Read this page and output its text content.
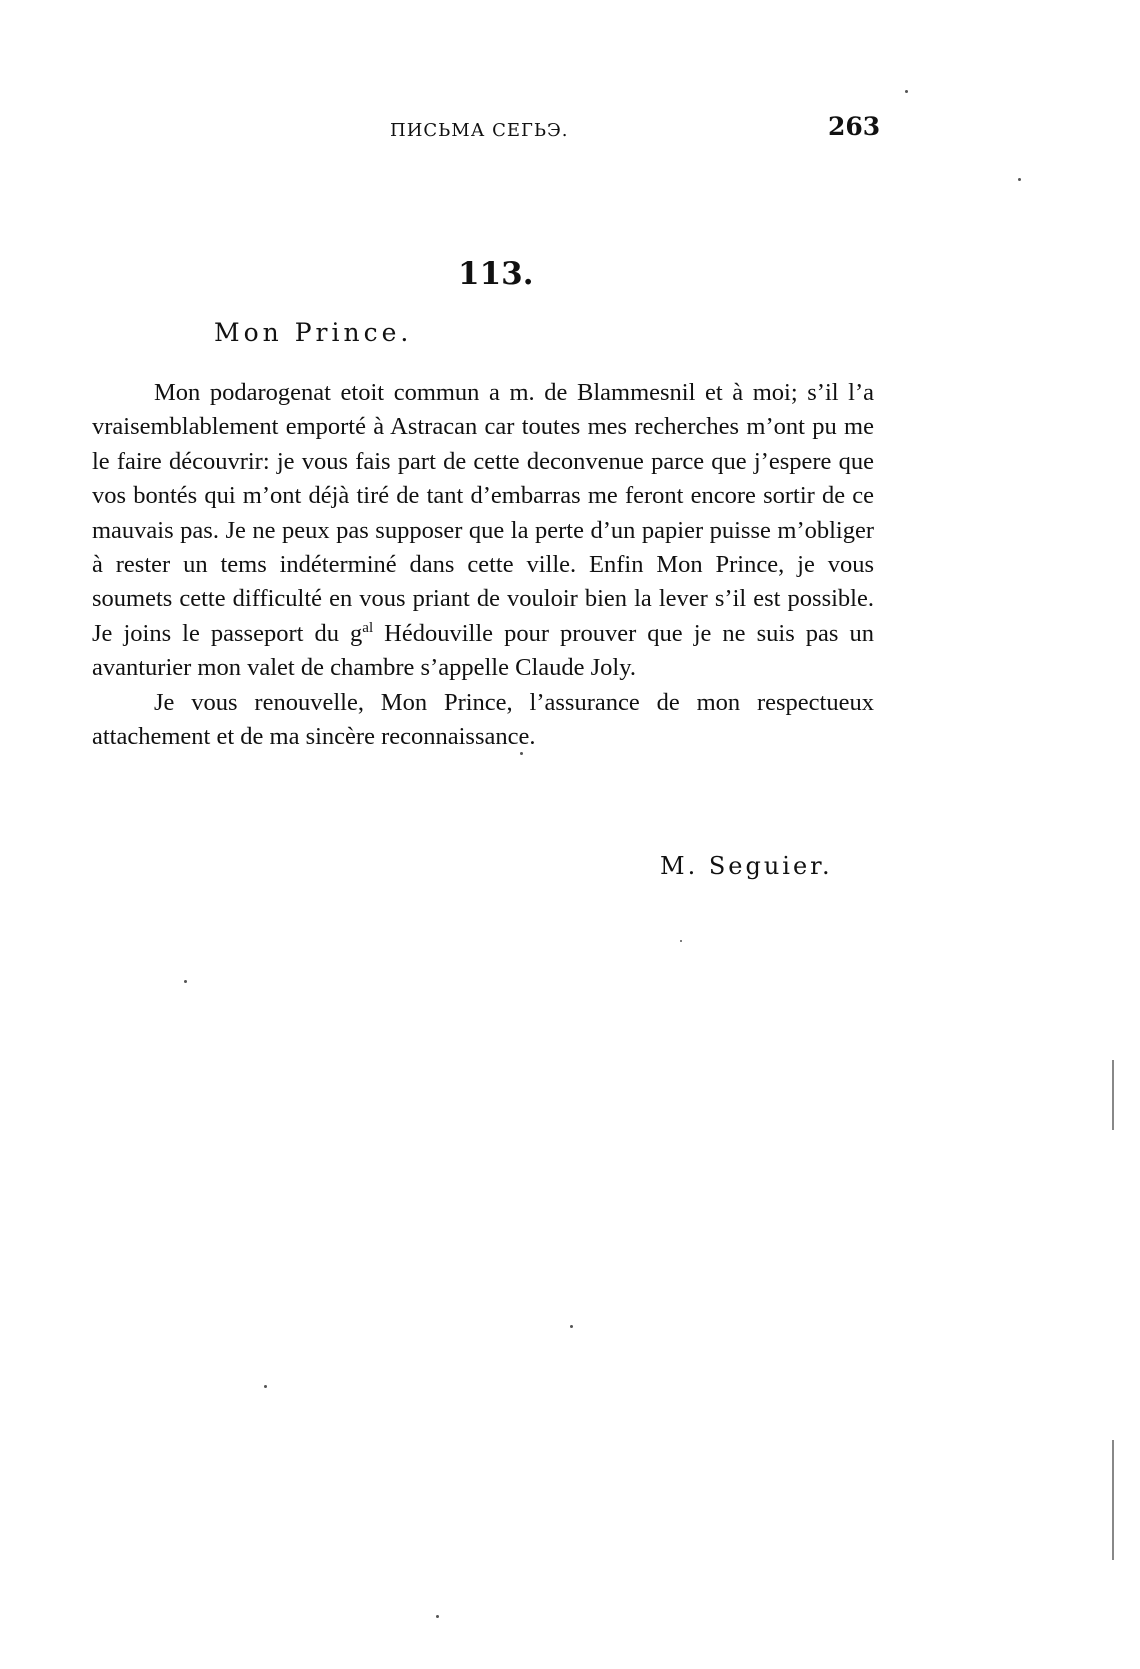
ПИСЬМА СЕГЬЭ.	263
113.
Mon Prince.

Mon podarogenat etoit commun a m. de Blammesnil et à moi; s’il l’a vraisemblablement emporté à Astracan car toutes mes recherches m’ont pu me le faire découvrir: je vous fais part de cette deconvenue parce que j’espere que vos bontés qui m’ont déjà tiré de tant d’embarras me feront encore sortir de ce mauvais pas. Je ne peux pas supposer que la perte d’un papier puisse m’obliger à rester un tems indéterminé dans cette ville. Enfin Mon Prince, je vous soumets cette difficulté en vous priant de vouloir bien la lever s’il est possible. Je joins le passeport du $g^{al}$ Hédouville pour prouver que je ne suis pas un avanturier mon valet de chambre s’appelle Claude Joly.

Je vous renouvelle, Mon Prince, l’assurance de mon respectueux attachement et de ma sincère reconnaissance.

M. Seguier.
